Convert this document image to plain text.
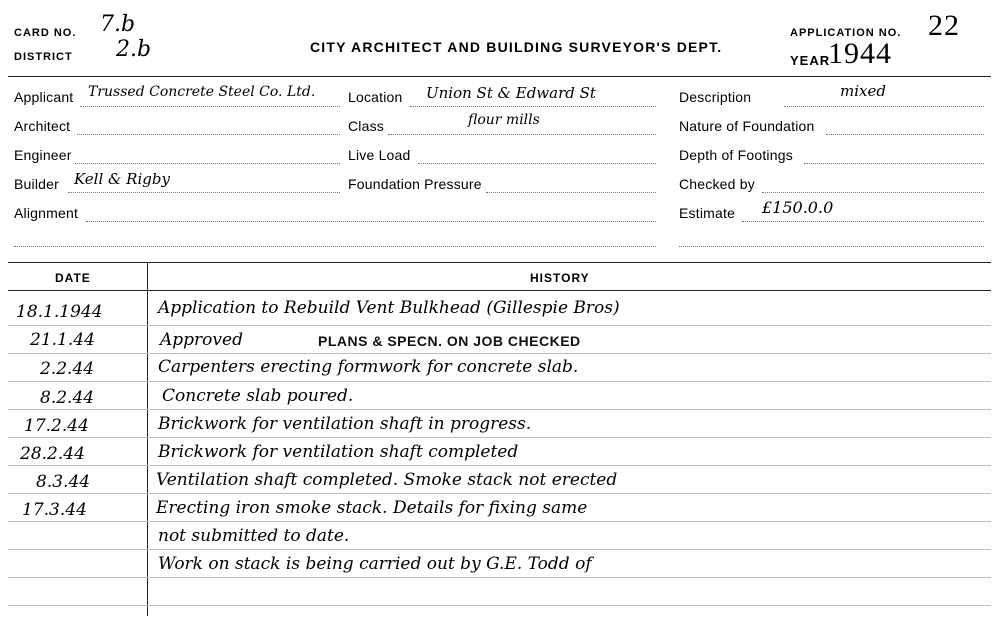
CARD NO. 7.b
DISTRICT 2.b	CITY ARCHITECT AND BUILDING SURVEYOR'S DEPT.
APPLICATION NO. 22
YEAR
1944
Applicant Trussed Concrete Steel Co. Ltd.
Architect
Engineer
Builder Kell & Rigby
Alignment
Location Union St & Edward St
Class	flour mills
Live Load
Foundation Pressure
Description	mixed
Nature of Foundation
Depth of Footings
Checked by
Estimate £150.0.0
DATE	HISTORY
18.1.1944	Application to Rebuild Vent Bulkhead (Gillespie Bros)
21.1.44	Approved	PLANS & SPECN. ON JOB CHECKED
2.2.44	Carpenters erecting formwork for concrete slab.
8.2.44	Concrete slab poured.
17.2.44	Brickwork for ventilation shaft in progress.
28.2.44	Brickwork for ventilation shaft completed
8.3.44	Ventilation shaft completed. Smoke stack not erected
17.3.44	Erecting iron smoke stack. Details for fixing same
not submitted to date.
Work on stack is being carried out by G.E. Todd of
